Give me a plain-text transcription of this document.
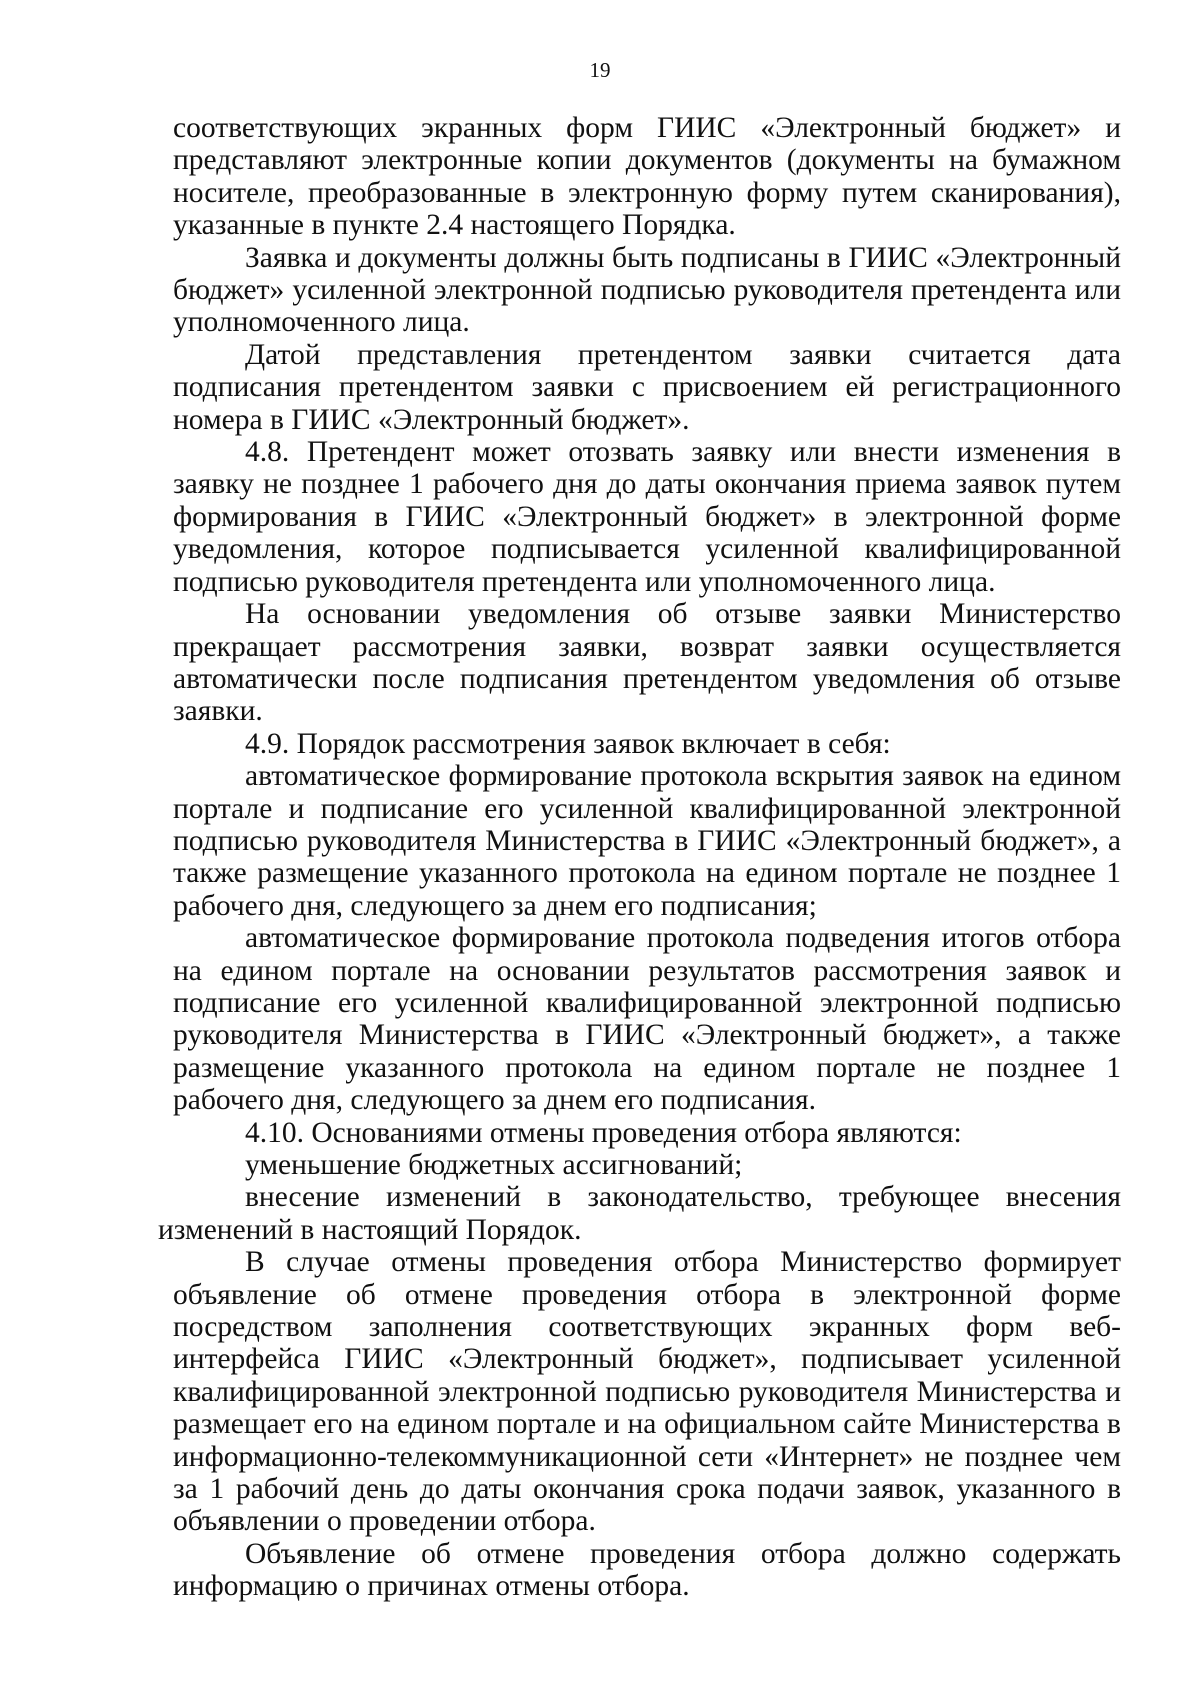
19

соответствующих экранных форм ГИИС «Электронный бюджет» и представляют электронные копии документов (документы на бумажном носителе, преобразованные в электронную форму путем сканирования), указанные в пункте 2.4 настоящего Порядка.

Заявка и документы должны быть подписаны в ГИИС «Электронный бюджет» усиленной электронной подписью руководителя претендента или уполномоченного лица.

Датой представления претендентом заявки считается дата подписания претендентом заявки с присвоением ей регистрационного номера в ГИИС «Электронный бюджет».

4.8. Претендент может отозвать заявку или внести изменения в заявку не позднее 1 рабочего дня до даты окончания приема заявок путем формирования в ГИИС «Электронный бюджет» в электронной форме уведомления, которое подписывается усиленной квалифицированной подписью руководителя претендента или уполномоченного лица.

На основании уведомления об отзыве заявки Министерство прекращает рассмотрения заявки, возврат заявки осуществляется автоматически после подписания претендентом уведомления об отзыве заявки.

4.9. Порядок рассмотрения заявок включает в себя:

автоматическое формирование протокола вскрытия заявок на едином портале и подписание его усиленной квалифицированной электронной подписью руководителя Министерства в ГИИС «Электронный бюджет», а также размещение указанного протокола на едином портале не позднее 1 рабочего дня, следующего за днем его подписания;

автоматическое формирование протокола подведения итогов отбора на едином портале на основании результатов рассмотрения заявок и подписание его усиленной квалифицированной электронной подписью руководителя Министерства в ГИИС «Электронный бюджет», а также размещение указанного протокола на едином портале не позднее 1 рабочего дня, следующего за днем его подписания.

4.10. Основаниями отмены проведения отбора являются:

уменьшение бюджетных ассигнований;

внесение изменений в законодательство, требующее внесения изменений в настоящий Порядок.

В случае отмены проведения отбора Министерство формирует объявление об отмене проведения отбора в электронной форме посредством заполнения соответствующих экранных форм веб-интерфейса ГИИС «Электронный бюджет», подписывает усиленной квалифицированной электронной подписью руководителя Министерства и размещает его на едином портале и на официальном сайте Министерства в информационно-телекоммуникационной сети «Интернет» не позднее чем за 1 рабочий день до даты окончания срока подачи заявок, указанного в объявлении о проведении отбора.

Объявление об отмене проведения отбора должно содержать информацию о причинах отмены отбора.
